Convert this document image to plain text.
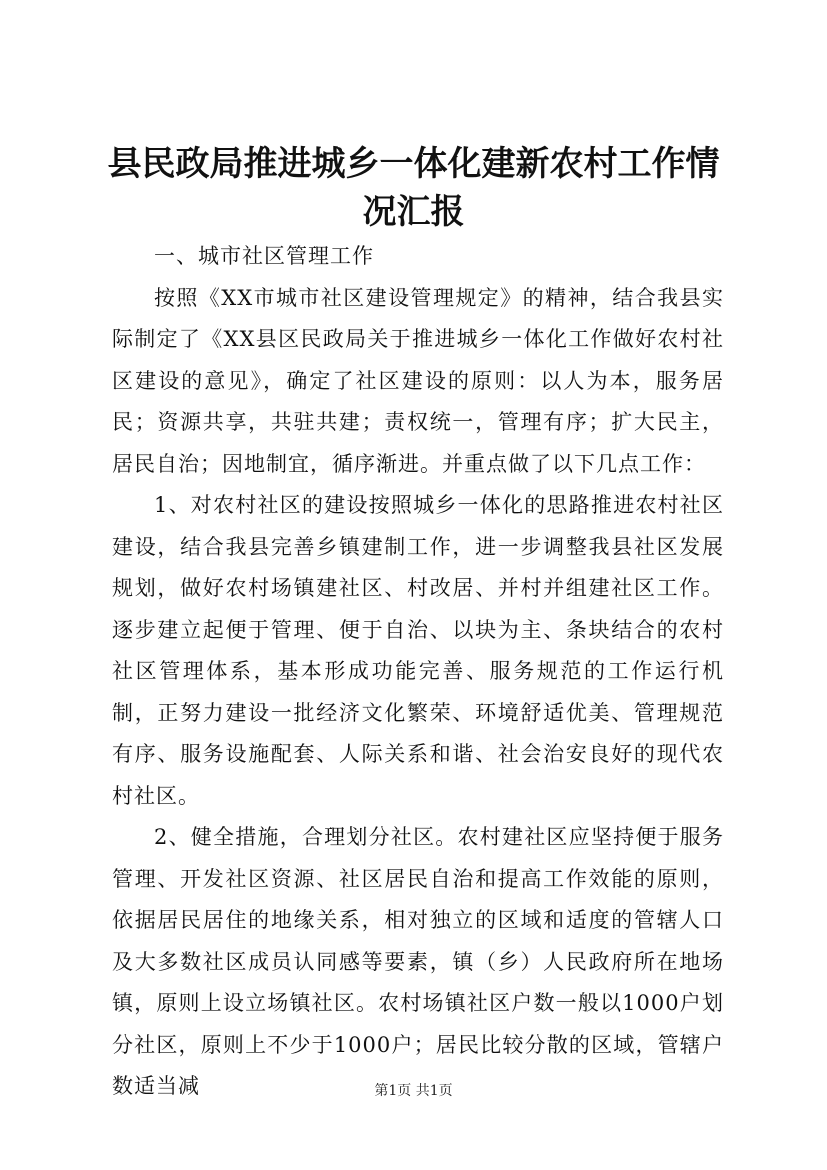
县民政局推进城乡一体化建新农村工作情况汇报

一、城市社区管理工作

按照《XX市城市社区建设管理规定》的精神，结合我县实际制定了《XX县区民政局关于推进城乡一体化工作做好农村社区建设的意见》，确定了社区建设的原则：以人为本，服务居民；资源共享，共驻共建；责权统一，管理有序；扩大民主，居民自治；因地制宜，循序渐进。并重点做了以下几点工作：

1、对农村社区的建设按照城乡一体化的思路推进农村社区建设，结合我县完善乡镇建制工作，进一步调整我县社区发展规划，做好农村场镇建社区、村改居、并村并组建社区工作。逐步建立起便于管理、便于自治、以块为主、条块结合的农村社区管理体系，基本形成功能完善、服务规范的工作运行机制，正努力建设一批经济文化繁荣、环境舒适优美、管理规范有序、服务设施配套、人际关系和谐、社会治安良好的现代农村社区。

2、健全措施，合理划分社区。农村建社区应坚持便于服务管理、开发社区资源、社区居民自治和提高工作效能的原则，依据居民居住的地缘关系，相对独立的区域和适度的管辖人口及大多数社区成员认同感等要素，镇（乡）人民政府所在地场镇，原则上设立场镇社区。农村场镇社区户数一般以1000户划分社区，原则上不少于1000户；居民比较分散的区域，管辖户数适当减	第1页 共1页
